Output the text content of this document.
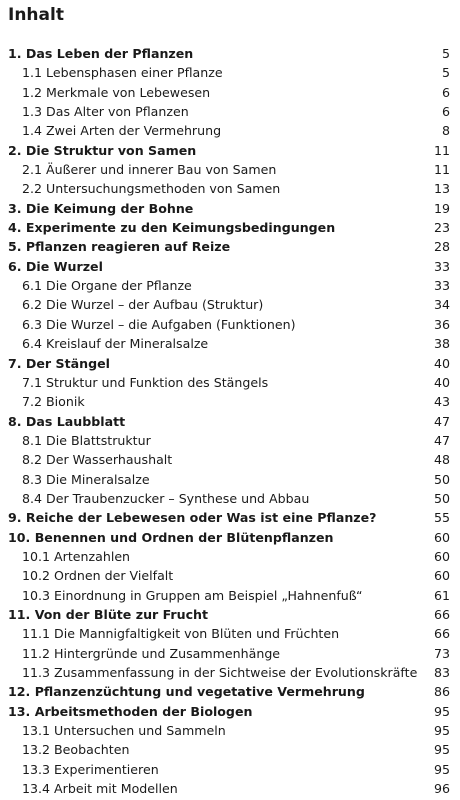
Inhalt
1. Das Leben der Pflanzen	5
1.1 Lebensphasen einer Pflanze	5
1.2 Merkmale von Lebewesen	6
1.3 Das Alter von Pflanzen	6
1.4 Zwei Arten der Vermehrung	8
2. Die Struktur von Samen	11
2.1 Äußerer und innerer Bau von Samen	11
2.2 Untersuchungsmethoden von Samen	13
3. Die Keimung der Bohne	19
4. Experimente zu den Keimungsbedingungen	23
5. Pflanzen reagieren auf Reize	28
6. Die Wurzel	33
6.1 Die Organe der Pflanze	33
6.2 Die Wurzel – der Aufbau (Struktur)	34
6.3 Die Wurzel – die Aufgaben (Funktionen)	36
6.4 Kreislauf der Mineralsalze	38
7. Der Stängel	40
7.1 Struktur und Funktion des Stängels	40
7.2 Bionik	43
8. Das Laubblatt	47
8.1 Die Blattstruktur	47
8.2 Der Wasserhaushalt	48
8.3 Die Mineralsalze	50
8.4 Der Traubenzucker – Synthese und Abbau	50
9. Reiche der Lebewesen oder Was ist eine Pflanze?	55
10. Benennen und Ordnen der Blütenpflanzen	60
10.1 Artenzahlen	60
10.2 Ordnen der Vielfalt	60
10.3 Einordnung in Gruppen am Beispiel „Hahnenfuß“	61
11. Von der Blüte zur Frucht	66
11.1 Die Mannigfaltigkeit von Blüten und Früchten	66
11.2 Hintergründe und Zusammenhänge	73
11.3 Zusammenfassung in der Sichtweise der Evolutionskräfte	83
12. Pflanzenzüchtung und vegetative Vermehrung	86
13. Arbeitsmethoden der Biologen	95
13.1 Untersuchen und Sammeln	95
13.2 Beobachten	95
13.3 Experimentieren	95
13.4 Arbeit mit Modellen	96
